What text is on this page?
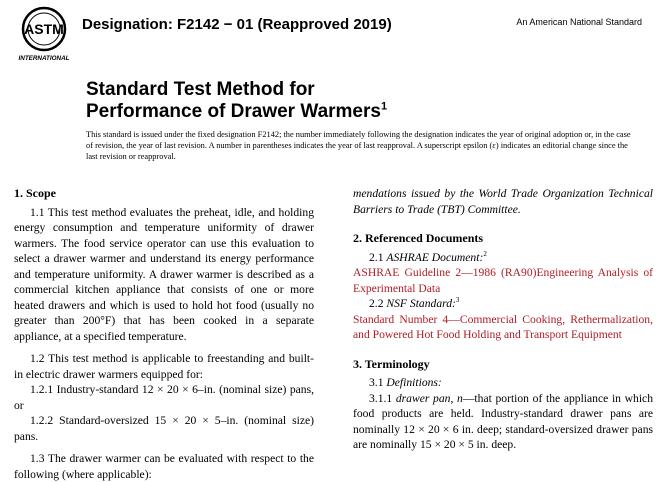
ASTM
INTERNATIONAL
Designation: F2142 − 01 (Reapproved 2019)	An American National Standard
Standard Test Method for
Performance of Drawer Warmers$^1$
This standard is issued under the fixed designation F2142; the number immediately following the designation indicates the year of original adoption or, in the case of revision, the year of last revision. A number in parentheses indicates the year of last reapproval. A superscript epsilon (ε) indicates an editorial change since the last revision or reapproval.
1. Scope

1.1 This test method evaluates the preheat, idle, and holding energy consumption and temperature uniformity of drawer warmers. The food service operator can use this evaluation to select a drawer warmer and understand its energy performance and temperature uniformity. A drawer warmer is described as a commercial kitchen appliance that consists of one or more heated drawers and which is used to hold hot food (usually no greater than 200°F) that has been cooked in a separate appliance, at a specified temperature.

1.2 This test method is applicable to freestanding and built-in electric drawer warmers equipped for:

1.2.1 Industry-standard 12 × 20 × 6–in. (nominal size) pans, or

1.2.2 Standard-oversized 15 × 20 × 5–in. (nominal size) pans.

1.3 The drawer warmer can be evaluated with respect to the following (where applicable):

mendations issued by the World Trade Organization Technical Barriers to Trade (TBT) Committee.

2. Referenced Documents

2.1 ASHRAE Document:$^2$

ASHRAE Guideline 2—1986 (RA90)Engineering Analysis of Experimental Data

2.2 NSF Standard:$^3$

Standard Number 4—Commercial Cooking, Rethermalization, and Powered Hot Food Holding and Transport Equipment

3. Terminology

3.1 Definitions:

3.1.1 drawer pan, n—that portion of the appliance in which food products are held. Industry-standard drawer pans are nominally 12 × 20 × 6 in. deep; standard-oversized drawer pans are nominally 15 × 20 × 5 in. deep.
